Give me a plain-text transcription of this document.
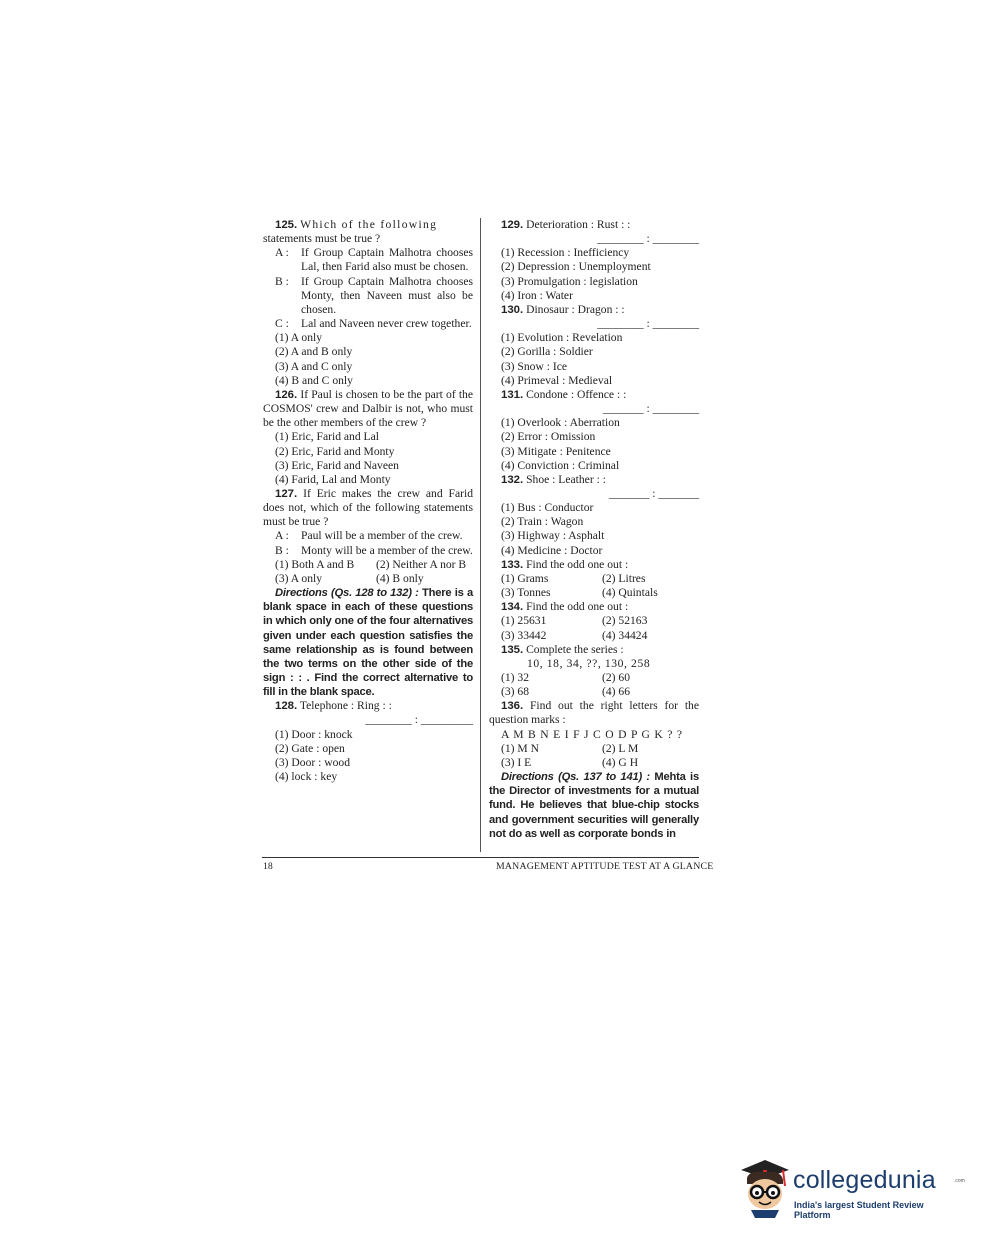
125. Which of the following
statements must be true ?

A :	If Group Captain Malhotra chooses Lal, then Farid also must be chosen.
B :	If Group Captain Malhotra chooses Monty, then Naveen must also be chosen.
C :	Lal and Naveen never crew together.

(1) A only

(2) A and B only

(3) A and C only

(4) B and C only

126. If Paul is chosen to be the part of the COSMOS' crew and Dalbir is not, who must be the other members of the crew ?

(1) Eric, Farid and Lal

(2) Eric, Farid and Monty

(3) Eric, Farid and Naveen

(4) Farid, Lal and Monty

127. If Eric makes the crew and Farid does not, which of the following statements must be true ?

A :	Paul will be a member of the crew.
B :	Monty will be a member of the crew.
(1) Both A and B	(2) Neither A nor B
(3) A only	(4) B only

Directions (Qs. 128 to 132) : There is a blank space in each of these questions in which only one of the four alternatives given under each question satisfies the same relationship as is found between the two terms on the other side of the sign : : . Find the correct alternative to fill in the blank space.

128. Telephone : Ring : :

________ : _________

(1) Door : knock

(2) Gate : open

(3) Door : wood

(4) lock : key

129. Deterioration : Rust : :

________ : ________

(1) Recession : Inefficiency

(2) Depression : Unemployment

(3) Promulgation : legislation

(4) Iron : Water

130. Dinosaur : Dragon : :

________ : ________

(1) Evolution : Revelation

(2) Gorilla : Soldier

(3) Snow : Ice

(4) Primeval : Medieval

131. Condone : Offence : :

_______ : ________

(1) Overlook : Aberration

(2) Error : Omission

(3) Mitigate : Penitence

(4) Conviction : Criminal

132. Shoe : Leather : :

_______ : _______

(1) Bus : Conductor

(2) Train : Wagon

(3) Highway : Asphalt

(4) Medicine : Doctor

133. Find the odd one out :

(1) Grams	(2) Litres
(3) Tonnes	(4) Quintals

134. Find the odd one out :

(1) 25631	(2) 52163
(3) 33442	(4) 34424

135. Complete the series :

10, 18, 34, ??, 130, 258

(1) 32	(2) 60
(3) 68	(4) 66

136. Find out the right letters for the question marks :

A M B N E I F J C O D P G K ? ?

(1) M N	(2) L M
(3) I E	(4) G H

Directions (Qs. 137 to 141) : Mehta is the Director of investments for a mutual fund. He believes that blue-chip stocks and government securities will generally not do as well as corporate bonds in

18	MANAGEMENT APTITUDE TEST AT A GLANCE
collegedunia	.com
India's largest Student Review Platform
